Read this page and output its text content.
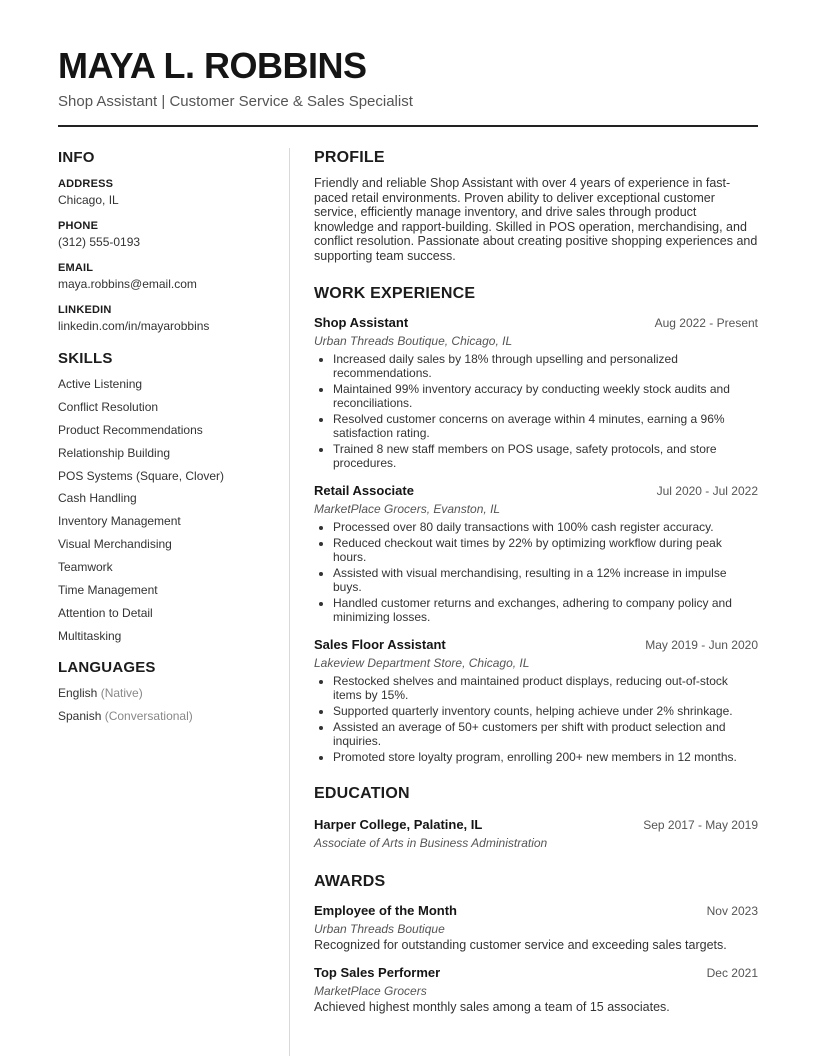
MAYA L. ROBBINS
Shop Assistant | Customer Service & Sales Specialist
INFO
ADDRESS
Chicago, IL
PHONE
(312) 555-0193
EMAIL
maya.robbins@email.com
LINKEDIN
linkedin.com/in/mayarobbins
SKILLS
Active Listening
Conflict Resolution
Product Recommendations
Relationship Building
POS Systems (Square, Clover)
Cash Handling
Inventory Management
Visual Merchandising
Teamwork
Time Management
Attention to Detail
Multitasking
LANGUAGES
English (Native)
Spanish (Conversational)
PROFILE

Friendly and reliable Shop Assistant with over 4 years of experience in fast-paced retail environments. Proven ability to deliver exceptional customer service, efficiently manage inventory, and drive sales through product knowledge and rapport-building. Skilled in POS operation, merchandising, and conflict resolution. Passionate about creating positive shopping experiences and supporting team success.

WORK EXPERIENCE
Shop Assistant	Aug 2022 - Present
Urban Threads Boutique, Chicago, IL
• Increased daily sales by 18% through upselling and personalized recommendations.
• Maintained 99% inventory accuracy by conducting weekly stock audits and reconciliations.
• Resolved customer concerns on average within 4 minutes, earning a 96% satisfaction rating.
• Trained 8 new staff members on POS usage, safety protocols, and store procedures.
Retail Associate	Jul 2020 - Jul 2022
MarketPlace Grocers, Evanston, IL
• Processed over 80 daily transactions with 100% cash register accuracy.
• Reduced checkout wait times by 22% by optimizing workflow during peak hours.
• Assisted with visual merchandising, resulting in a 12% increase in impulse buys.
• Handled customer returns and exchanges, adhering to company policy and minimizing losses.
Sales Floor Assistant	May 2019 - Jun 2020
Lakeview Department Store, Chicago, IL
• Restocked shelves and maintained product displays, reducing out-of-stock items by 15%.
• Supported quarterly inventory counts, helping achieve under 2% shrinkage.
• Assisted an average of 50+ customers per shift with product selection and inquiries.
• Promoted store loyalty program, enrolling 200+ new members in 12 months.
EDUCATION
Harper College, Palatine, IL	Sep 2017 - May 2019
Associate of Arts in Business Administration
AWARDS
Employee of the Month	Nov 2023
Urban Threads Boutique
Recognized for outstanding customer service and exceeding sales targets.
Top Sales Performer	Dec 2021
MarketPlace Grocers
Achieved highest monthly sales among a team of 15 associates.
